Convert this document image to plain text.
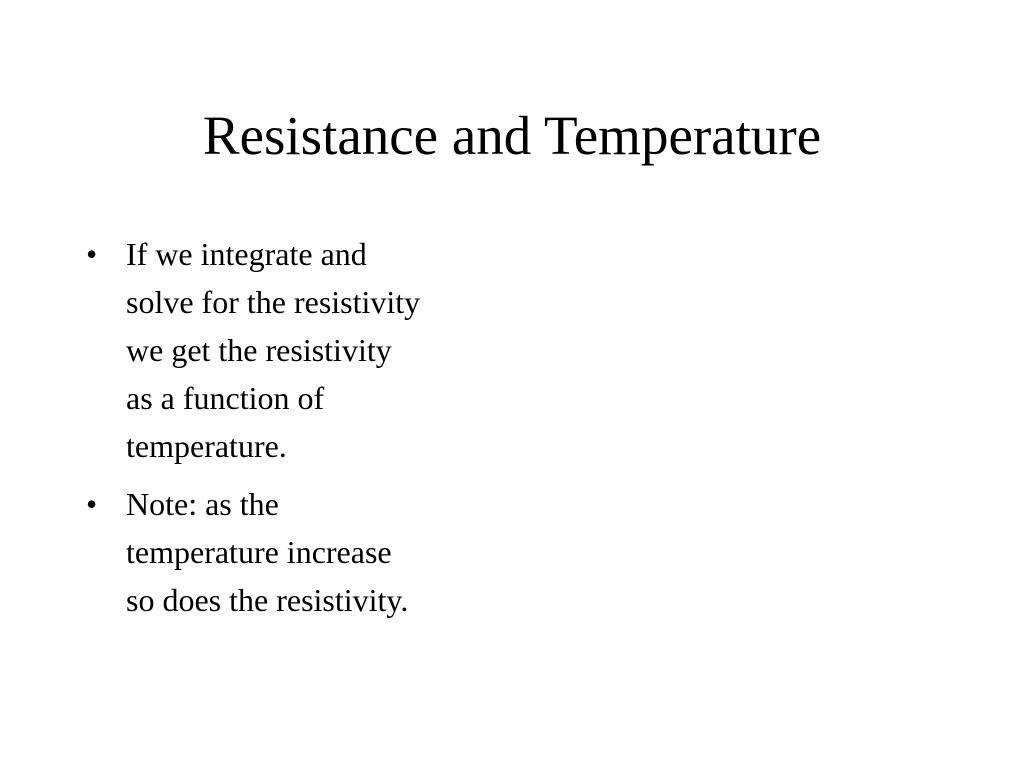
Resistance and Temperature
• If we integrate and
solve for the resistivity
we get the resistivity
as a function of
temperature.
• Note: as the
temperature increase
so does the resistivity.
